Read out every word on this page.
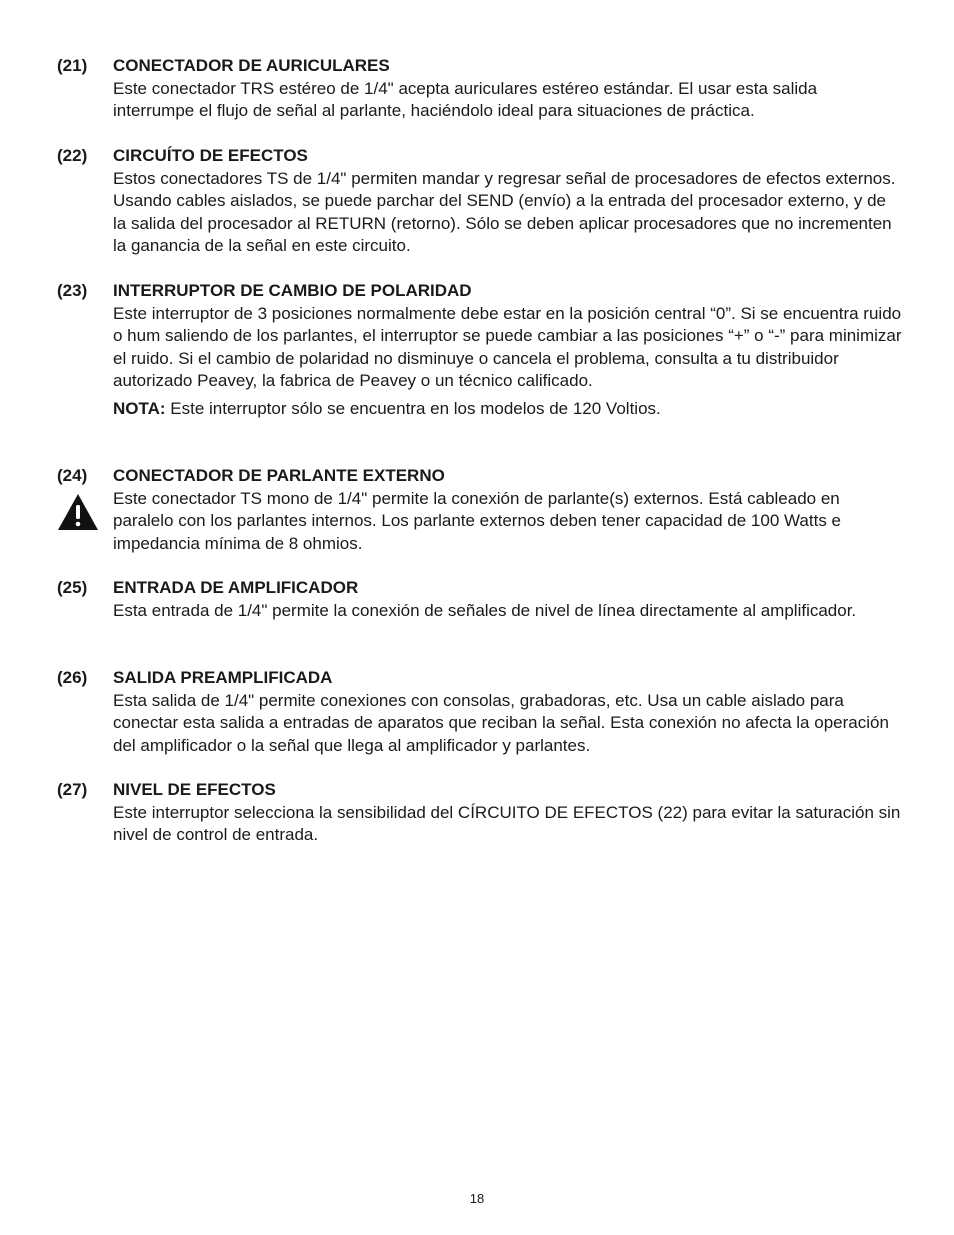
(21) CONECTADOR DE AURICULARES

Este conectador TRS estéreo de 1/4" acepta auriculares estéreo estándar. El usar esta salida interrumpe el flujo de señal al parlante, haciéndolo ideal para situaciones de práctica.

(22) CIRCUÍTO DE EFECTOS

Estos conectadores TS de 1/4" permiten mandar y regresar señal de procesadores de efectos externos. Usando cables aislados, se puede parchar del SEND (envío) a la entrada del procesador externo, y de la salida del procesador al RETURN (retorno). Sólo se deben aplicar procesadores que no incrementen la ganancia de la señal en este circuito.

(23) INTERRUPTOR DE CAMBIO DE POLARIDAD

Este interruptor de 3 posiciones normalmente debe estar en la posición central “0”. Si se encuentra ruido o hum saliendo de los parlantes, el interruptor se puede cambiar a las posiciones “+” o “-” para minimizar el ruido. Si el cambio de polaridad no disminuye o cancela el problema, consulta a tu distribuidor autorizado Peavey, la fabrica de Peavey o un técnico calificado.

NOTA: Este interruptor sólo se encuentra en los modelos de 120 Voltios.

(24) CONECTADOR DE PARLANTE EXTERNO

Este conectador TS mono de 1/4" permite la conexión de parlante(s) externos. Está cableado en paralelo con los parlantes internos. Los parlante externos deben tener capacidad de 100 Watts e impedancia mínima de 8 ohmios.

(25) ENTRADA DE AMPLIFICADOR

Esta entrada de 1/4" permite la conexión de señales de nivel de línea directamente al amplificador.

(26) SALIDA PREAMPLIFICADA

Esta salida de 1/4" permite conexiones con consolas, grabadoras, etc. Usa un cable aislado para conectar esta salida a entradas de aparatos que reciban la señal. Esta conexión no afecta la operación del amplificador o la señal que llega al amplificador y parlantes.

(27) NIVEL DE EFECTOS

Este interruptor selecciona la sensibilidad del CÍRCUITO DE EFECTOS (22) para evitar la saturación sin nivel de control de entrada.

18
